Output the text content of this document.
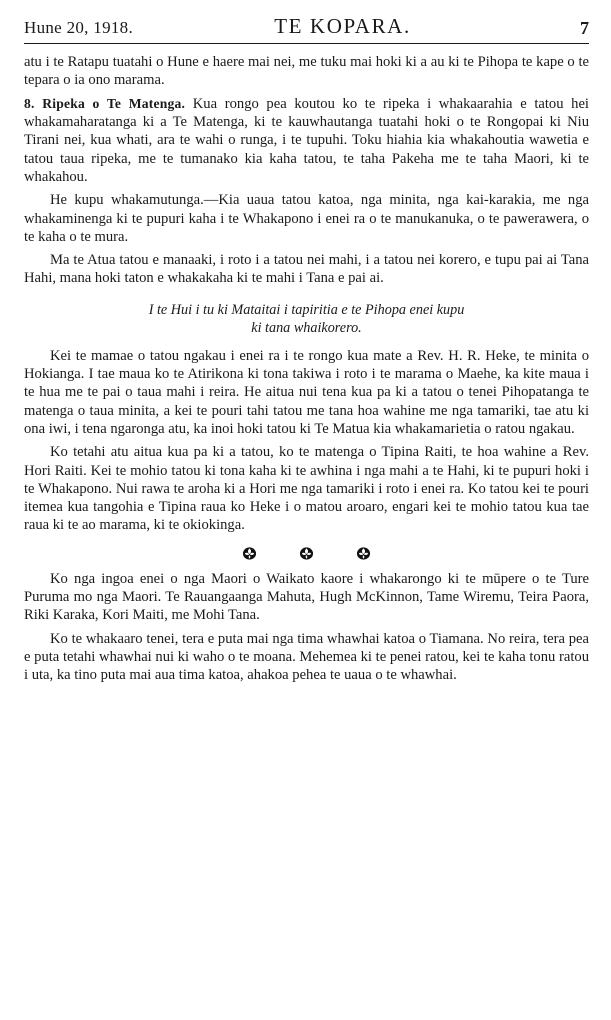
Hune 20, 1918.	TE KOPARA.	7

atu i te Ratapu tuatahi o Hune e haere mai nei, me tuku mai hoki ki a au ki te Pihopa te kape o te tepara o ia ono marama.

8. Ripeka o Te Matenga. Kua rongo pea koutou ko te ripeka i whakaarahia e tatou hei whakamaharatanga ki a Te Matenga, ki te kauwhautanga tuatahi hoki o te Rongopai ki Niu Tirani nei, kua whati, ara te wahi o runga, i te tupuhi. Toku hiahia kia whakahoutia wawetia e tatou taua ripeka, me te tumanako kia kaha tatou, te taha Pakeha me te taha Maori, ki te whakahou.

He kupu whakamutunga.—Kia uaua tatou katoa, nga minita, nga kai-karakia, me nga whakaminenga ki te pupuri kaha i te Whakapono i enei ra o te manukanuka, o te pawerawera, o te kaha o te mura.

Ma te Atua tatou e manaaki, i roto i a tatou nei mahi, i a tatou nei korero, e tupu pai ai Tana Hahi, mana hoki taton e whakakaha ki te mahi i Tana e pai ai.

I te Hui i tu ki Mataitai i tapiritia e te Pihopa enei kupu
ki tana whaikorero.

Kei te mamae o tatou ngakau i enei ra i te rongo kua mate a Rev. H. R. Heke, te minita o Hokianga. I tae maua ko te Atirikona ki tona takiwa i roto i te marama o Maehe, ka kite maua i te hua me te pai o taua mahi i reira. He aitua nui tena kua pa ki a tatou o tenei Pihopatanga te matenga o taua minita, a kei te pouri tahi tatou me tana hoa wahine me nga tamariki, tae atu ki ona iwi, i tena ngaronga atu, ka inoi hoki tatou ki Te Matua kia whakamarietia o ratou ngakau.

Ko tetahi atu aitua kua pa ki a tatou, ko te matenga o Tipina Raiti, te hoa wahine a Rev. Hori Raiti. Kei te mohio tatou ki tona kaha ki te awhina i nga mahi a te Hahi, ki te pupuri hoki i te Whakapono. Nui rawa te aroha ki a Hori me nga tamariki i roto i enei ra. Ko tatou kei te pouri itemea kua tangohia e Tipina raua ko Heke i o matou aroaro, engari kei te mohio tatou kua tae raua ki te ao marama, ki te okiokinga.

Ko nga ingoa enei o nga Maori o Waikato kaore i whakarongo ki te mūpere o te Ture Puruma mo nga Maori. Te Rauangaanga Mahuta, Hugh McKinnon, Tame Wiremu, Teira Paora, Riki Karaka, Kori Maiti, me Mohi Tana.

Ko te whakaaro tenei, tera e puta mai nga tima whawhai katoa o Tiamana. No reira, tera pea e puta tetahi whawhai nui ki waho o te moana. Mehemea ki te penei ratou, kei te kaha tonu ratou i uta, ka tino puta mai aua tima katoa, ahakoa pehea te uaua o te whawhai.
